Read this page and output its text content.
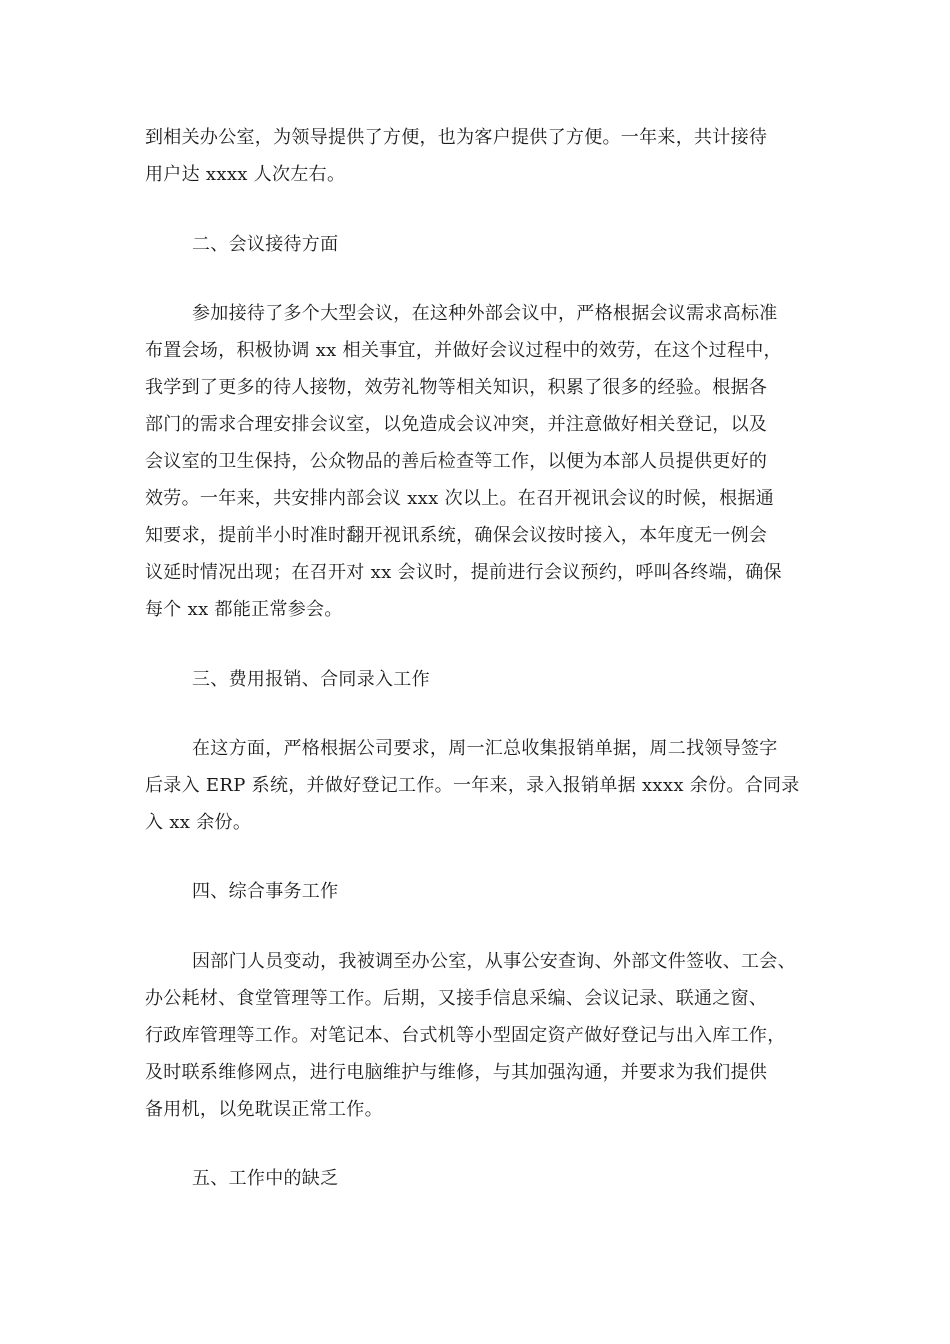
到相关办公室，为领导提供了方便，也为客户提供了方便。一年来，共计接待
用户达 xxxx 人次左右。
二、会议接待方面
参加接待了多个大型会议，在这种外部会议中，严格根据会议需求高标准
布置会场，积极协调 xx 相关事宜，并做好会议过程中的效劳，在这个过程中，
我学到了更多的待人接物，效劳礼物等相关知识，积累了很多的经验。根据各
部门的需求合理安排会议室，以免造成会议冲突，并注意做好相关登记，以及
会议室的卫生保持，公众物品的善后检查等工作，以便为本部人员提供更好的
效劳。一年来，共安排内部会议 xxx 次以上。在召开视讯会议的时候，根据通
知要求，提前半小时准时翻开视讯系统，确保会议按时接入，本年度无一例会
议延时情况出现；在召开对 xx 会议时，提前进行会议预约，呼叫各终端，确保
每个 xx 都能正常参会。
三、费用报销、合同录入工作
在这方面，严格根据公司要求，周一汇总收集报销单据，周二找领导签字
后录入 ERP 系统，并做好登记工作。一年来，录入报销单据 xxxx 余份。合同录
入 xx 余份。
四、综合事务工作
因部门人员变动，我被调至办公室，从事公安查询、外部文件签收、工会、
办公耗材、食堂管理等工作。后期，又接手信息采编、会议记录、联通之窗、
行政库管理等工作。对笔记本、台式机等小型固定资产做好登记与出入库工作，
及时联系维修网点，进行电脑维护与维修，与其加强沟通，并要求为我们提供
备用机，以免耽误正常工作。
五、工作中的缺乏
